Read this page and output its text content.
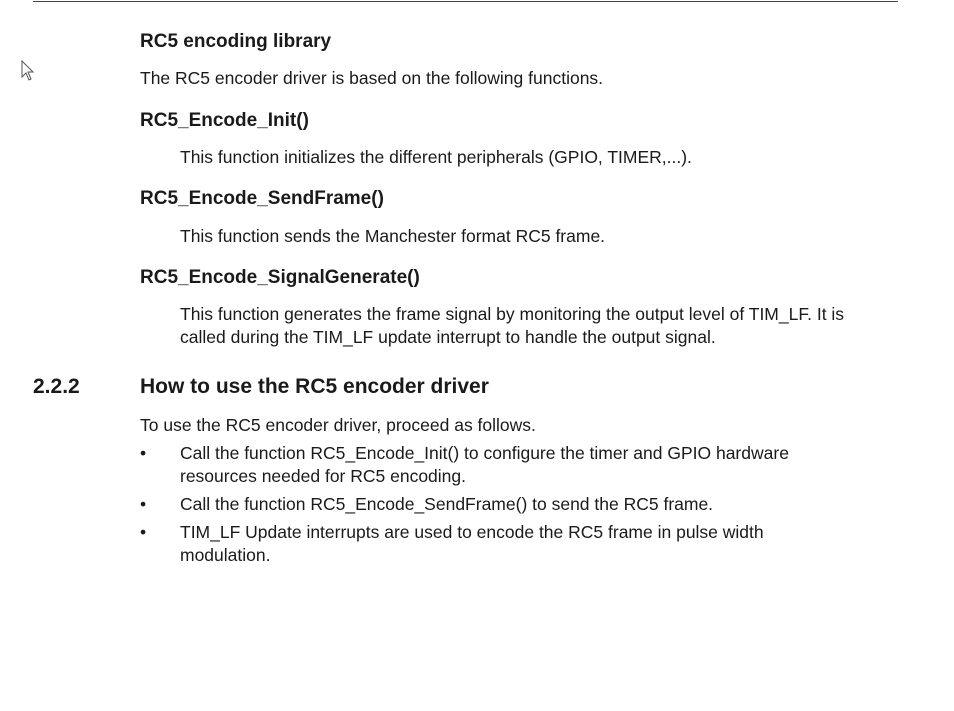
RC5 encoding library

The RC5 encoder driver is based on the following functions.

RC5_Encode_Init()

This function initializes the different peripherals (GPIO, TIMER,...).

RC5_Encode_SendFrame()

This function sends the Manchester format RC5 frame.

RC5_Encode_SignalGenerate()

This function generates the frame signal by monitoring the output level of TIM_LF. It is

called during the TIM_LF update interrupt to handle the output signal.

2.2.2	How to use the RC5 encoder driver

To use the RC5 encoder driver, proceed as follows.

• Call the function RC5_Encode_Init() to configure the timer and GPIO hardware
resources needed for RC5 encoding.
• Call the function RC5_Encode_SendFrame() to send the RC5 frame.
• TIM_LF Update interrupts are used to encode the RC5 frame in pulse width
modulation.
